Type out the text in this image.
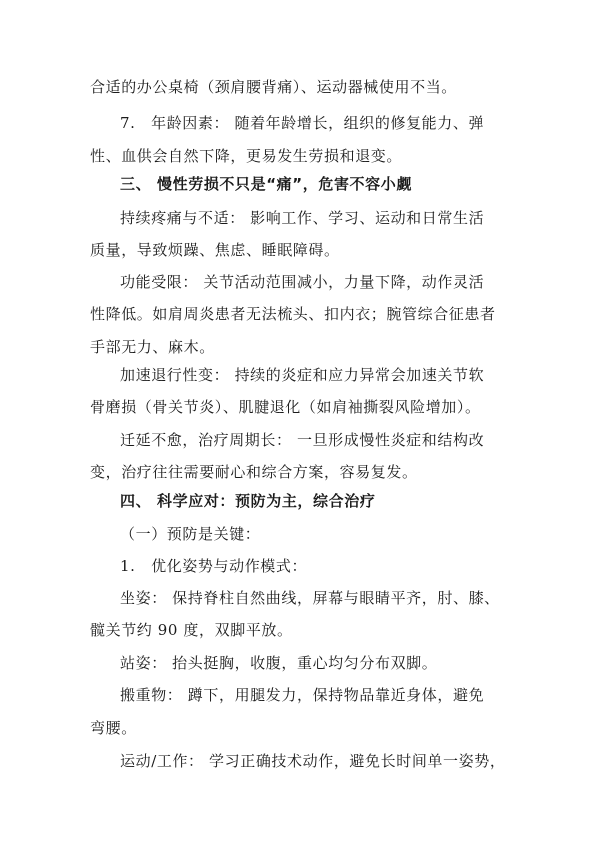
合适的办公桌椅（颈肩腰背痛）、运动器械使用不当。
7.　年龄因素： 随着年龄增长，组织的修复能力、弹
性、血供会自然下降，更易发生劳损和退变。
三、 慢性劳损不只是“痛”，危害不容小觑
持续疼痛与不适： 影响工作、学习、运动和日常生活
质量，导致烦躁、焦虑、睡眠障碍。
功能受限： 关节活动范围减小，力量下降，动作灵活
性降低。如肩周炎患者无法梳头、扣内衣；腕管综合征患者
手部无力、麻木。
加速退行性变： 持续的炎症和应力异常会加速关节软
骨磨损（骨关节炎）、肌腱退化（如肩袖撕裂风险增加）。
迁延不愈，治疗周期长： 一旦形成慢性炎症和结构改
变，治疗往往需要耐心和综合方案，容易复发。
四、 科学应对：预防为主，综合治疗
（一）预防是关键：
1.　优化姿势与动作模式：
坐姿： 保持脊柱自然曲线，屏幕与眼睛平齐，肘、膝、
髋关节约 90 度，双脚平放。
站姿： 抬头挺胸，收腹，重心均匀分布双脚。
搬重物： 蹲下，用腿发力，保持物品靠近身体，避免
弯腰。
运动/工作： 学习正确技术动作，避免长时间单一姿势，
